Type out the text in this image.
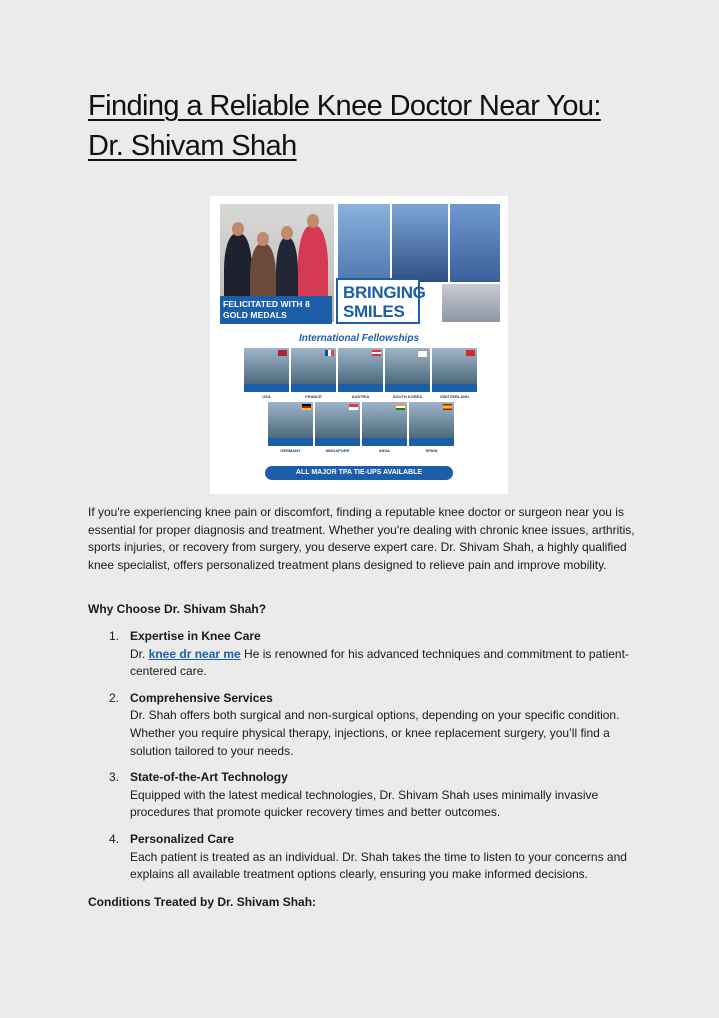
Finding a Reliable Knee Doctor Near You:
Dr. Shivam Shah
FELICITATED WITH 8 GOLD MEDALS
BRINGING SMILES
International Fellowships
USA	FRANCE	AUSTRIA	SOUTH KOREA	SWITZERLAND
GERMANY	SINGAPORE	INDIA	SPAIN
ALL MAJOR TPA TIE-UPS AVAILABLE

If you're experiencing knee pain or discomfort, finding a reputable knee doctor or surgeon near you is essential for proper diagnosis and treatment. Whether you're dealing with chronic knee issues, arthritis, sports injuries, or recovery from surgery, you deserve expert care. Dr. Shivam Shah, a highly qualified knee specialist, offers personalized treatment plans designed to relieve pain and improve mobility.

Why Choose Dr. Shivam Shah?

1. Expertise in Knee Care
Dr. knee dr near me He is renowned for his advanced techniques and commitment to patient-centered care.
2. Comprehensive Services
Dr. Shah offers both surgical and non-surgical options, depending on your specific condition. Whether you require physical therapy, injections, or knee replacement surgery, you’ll find a solution tailored to your needs.
3. State-of-the-Art Technology
Equipped with the latest medical technologies, Dr. Shivam Shah uses minimally invasive procedures that promote quicker recovery times and better outcomes.
4. Personalized Care
Each patient is treated as an individual. Dr. Shah takes the time to listen to your concerns and explains all available treatment options clearly, ensuring you make informed decisions.

Conditions Treated by Dr. Shivam Shah:
